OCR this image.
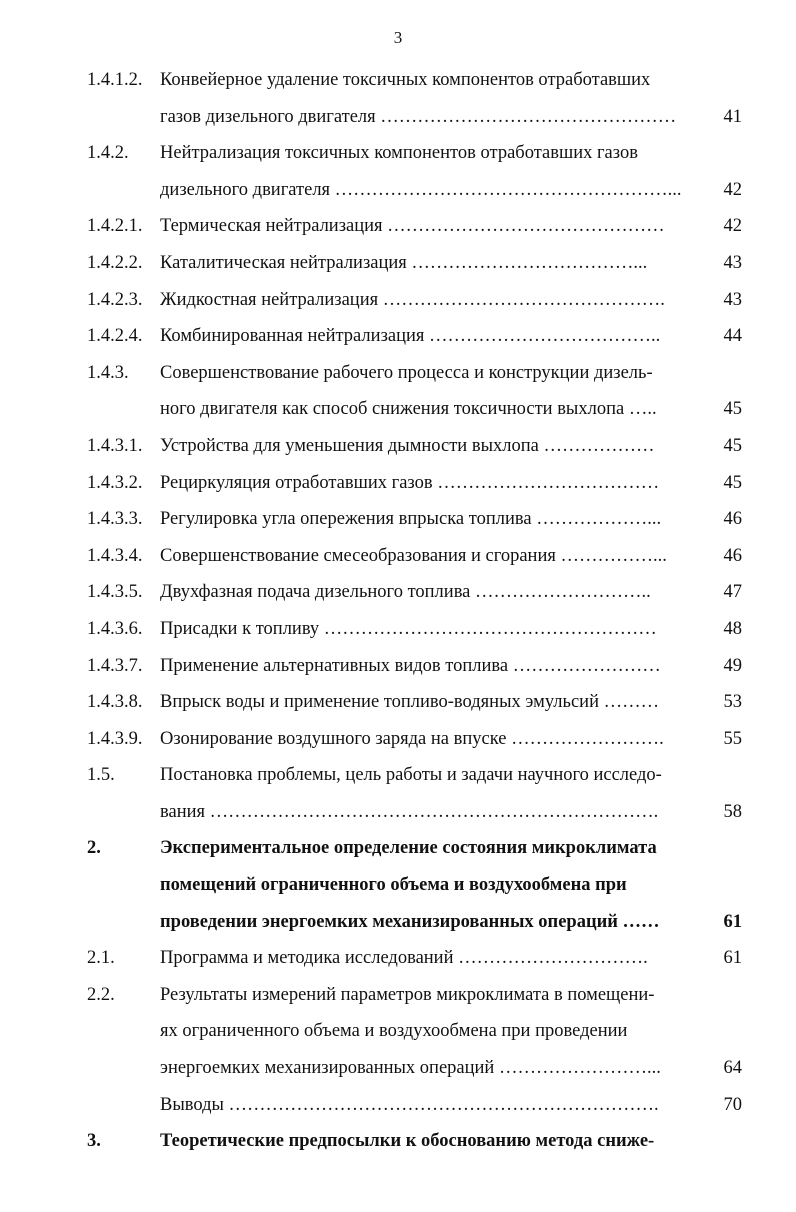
3
1.4.1.2. Конвейерное удаление токсичных компонентов отработавших
газов дизельного двигателя …………………………………………	41
1.4.2. Нейтрализация токсичных компонентов отработавших газов
дизельного двигателя ………………………………………………... 42
1.4.2.1. Термическая нейтрализация ………………………………………	42
1.4.2.2. Каталитическая нейтрализация ………………………………...	43
1.4.2.3. Жидкостная нейтрализация ……………………………………….	43
1.4.2.4. Комбинированная нейтрализация ………………………………..	44
1.4.3. Совершенствование рабочего процесса и конструкции дизель-
ного двигателя как способ снижения токсичности выхлопа …..	45
1.4.3.1. Устройства для уменьшения дымности выхлопа ………………	45
1.4.3.2. Рециркуляция отработавших газов ………………………………	45
1.4.3.3. Регулировка угла опережения впрыска топлива ………………...	46
1.4.3.4. Совершенствование смесеобразования и сгорания ……………...	46
1.4.3.5. Двухфазная подача дизельного топлива ………………………..	47
1.4.3.6. Присадки к топливу ………………………………………………	48
1.4.3.7. Применение альтернативных видов топлива ……………………	49
1.4.3.8. Впрыск воды и применение топливо-водяных эмульсий ………	53
1.4.3.9. Озонирование воздушного заряда на впуске …………………….	55
1.5. Постановка проблемы, цель работы и задачи научного исследо-
вания ……………………………………………………………….	58
2.	Экспериментальное определение состояния микроклимата
помещений ограниченного объема и воздухообмена при
проведении энергоемких механизированных операций ……	61
2.1. Программа и методика исследований ………………………….	61
2.2. Результаты измерений параметров микроклимата в помещени-
ях ограниченного объема и воздухообмена при проведении
энергоемких механизированных операций ……………………...	64
Выводы …………………………………………………………….	70
3.	Теоретические предпосылки к обоснованию метода сниже-
